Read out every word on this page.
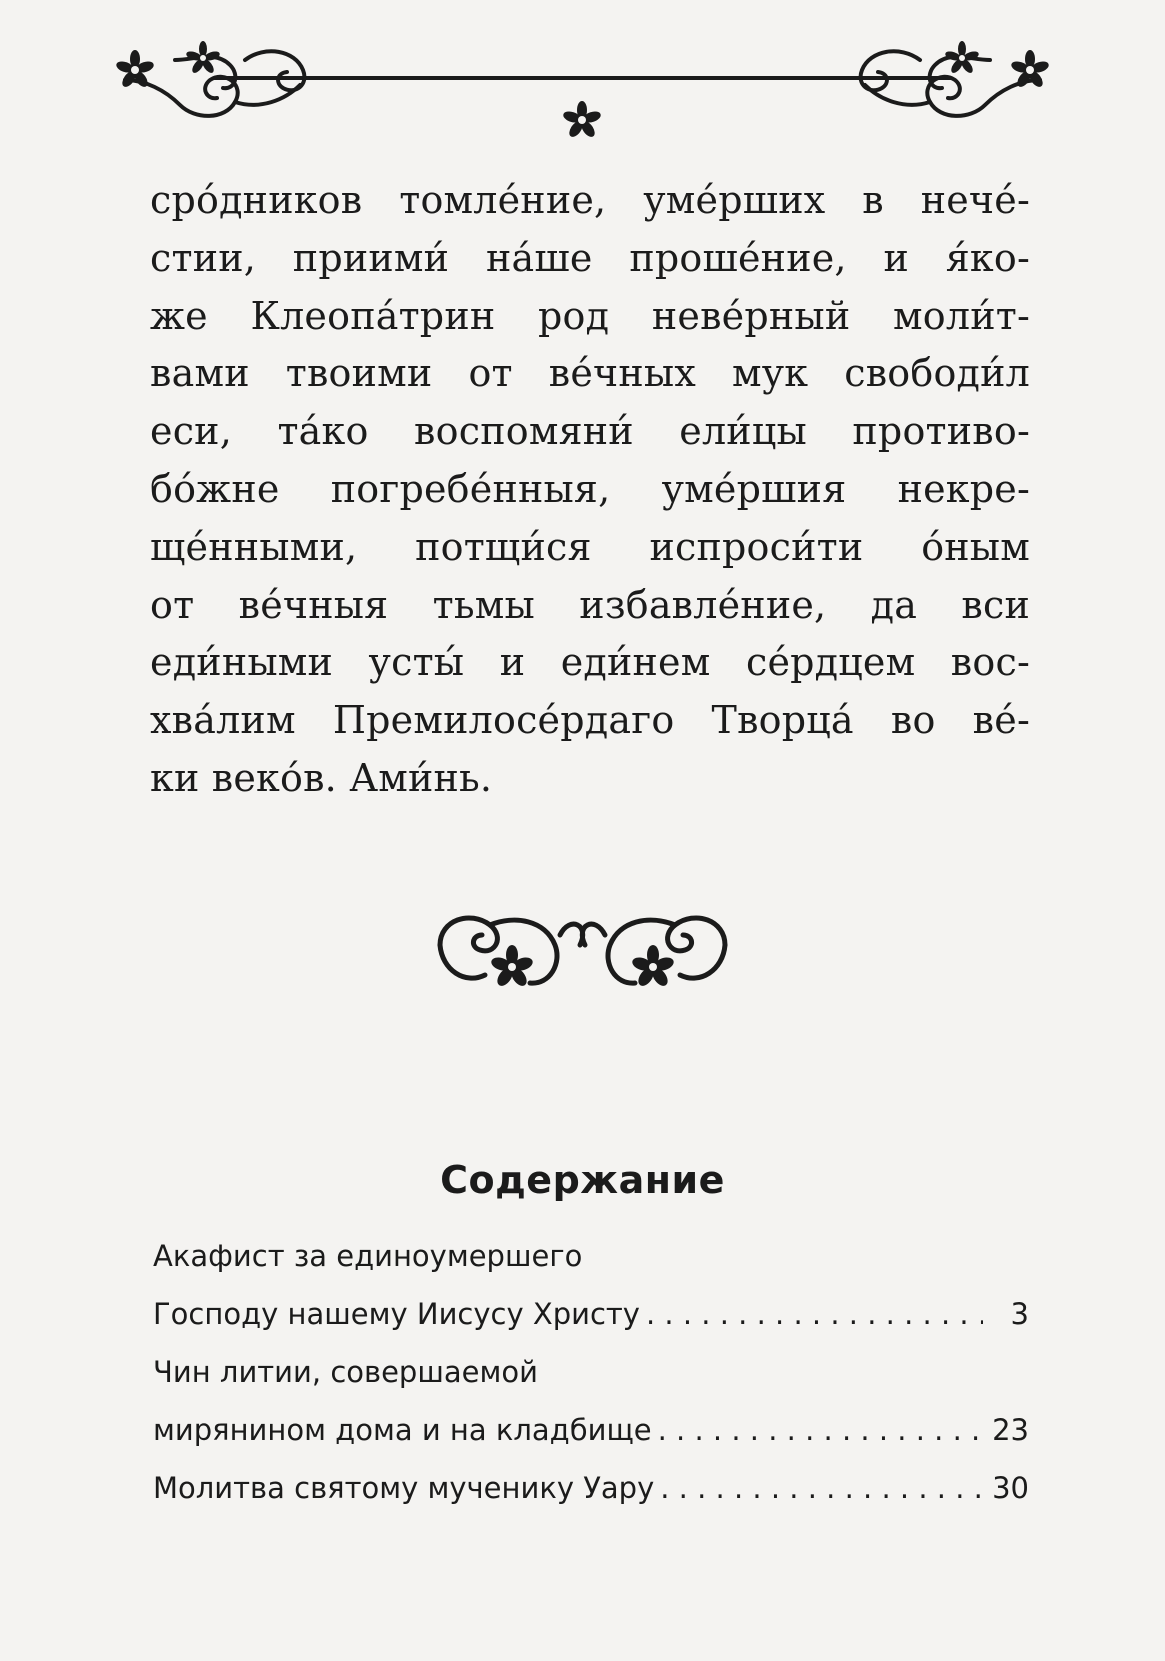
сро́дников томле́ние, уме́рших в нече́-
стии, приими́ на́ше проше́ние, и я́ко-
же Клеопа́трин род неве́рный моли́т-
вами твоими от ве́чных мук свободи́л
еси, та́ко воспомяни́ ели́цы противо-
бо́жне погребе́нныя, уме́ршия некре-
ще́нными, потщи́ся испроси́ти о́ным
от ве́чныя тьмы избавле́ние, да вси
еди́ными усты́ и еди́нем се́рдцем вос-
хва́лим Премилосе́рдаго Творца́ во ве́-
ки веко́в. Ами́нь.
Содержание
Акафист за единоумершего
Господу нашему Иисусу Христу . . .	3
Чин литии, совершаемой
мирянином дома и на кладбище . . .	23
Молитва святому мученику Уару . . .	30
